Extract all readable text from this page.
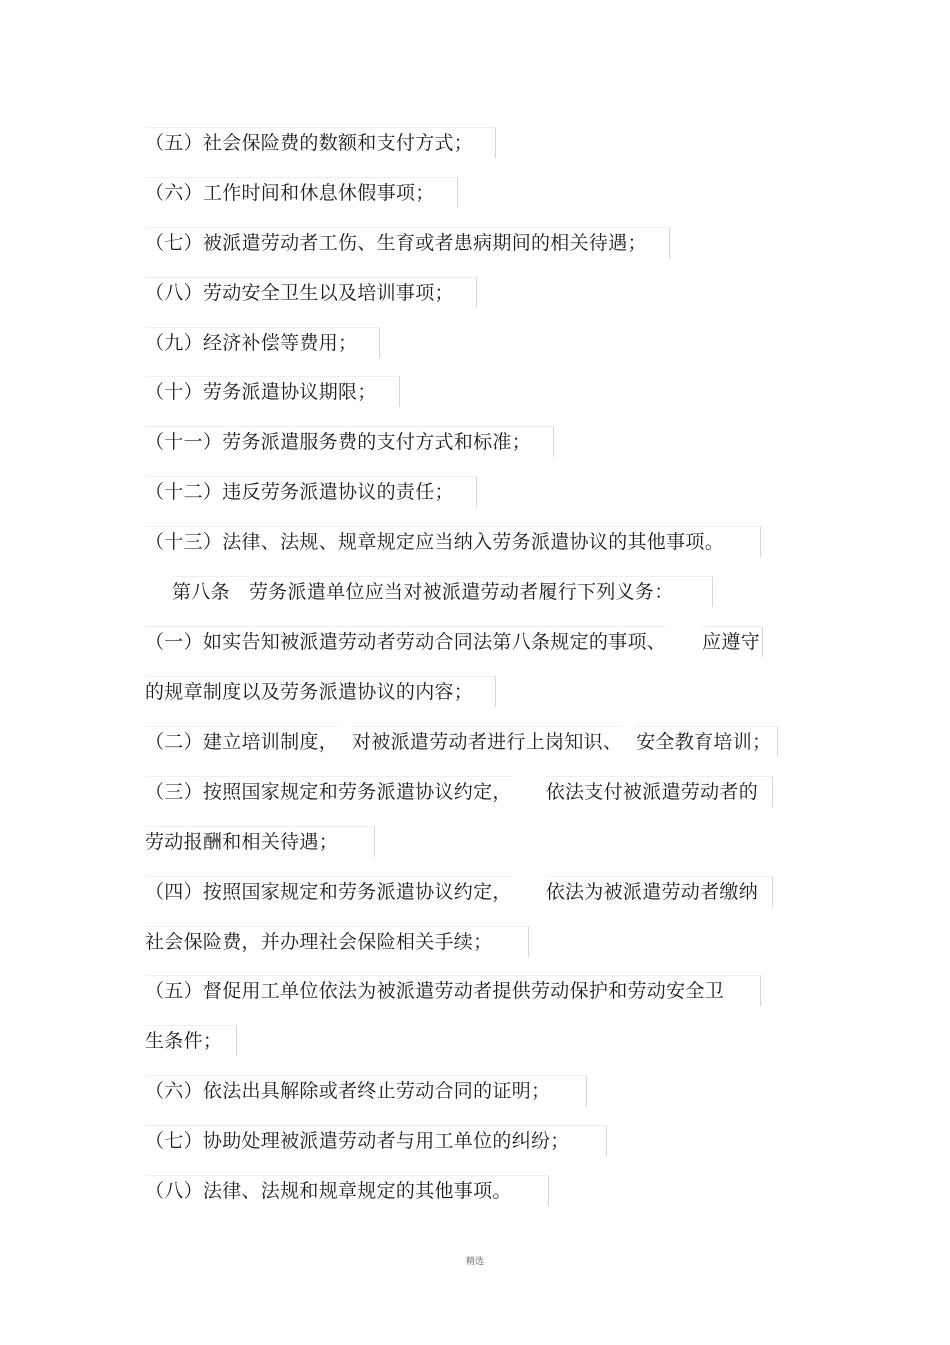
（五）社会保险费的数额和支付方式；
（六）工作时间和休息休假事项；
（七）被派遣劳动者工伤、生育或者患病期间的相关待遇；
（八）劳动安全卫生以及培训事项；
（九）经济补偿等费用；
（十）劳务派遣协议期限；
（十一）劳务派遣服务费的支付方式和标准；
（十二）违反劳务派遣协议的责任；
（十三）法律、法规、规章规定应当纳入劳务派遣协议的其他事项。
第八条   劳务派遣单位应当对被派遣劳动者履行下列义务：
（一）如实告知被派遣劳动者劳动合同法第八条规定的事项、 应遵守
的规章制度以及劳务派遣协议的内容；
（二）建立培训制度， 对被派遣劳动者进行上岗知识、 安全教育培训；
（三）按照国家规定和劳务派遣协议约定， 依法支付被派遣劳动者的
劳动报酬和相关待遇；
（四）按照国家规定和劳务派遣协议约定， 依法为被派遣劳动者缴纳
社会保险费，并办理社会保险相关手续；
（五）督促用工单位依法为被派遣劳动者提供劳动保护和劳动安全卫
生条件；
（六）依法出具解除或者终止劳动合同的证明；
（七）协助处理被派遣劳动者与用工单位的纠纷；
（八）法律、法规和规章规定的其他事项。
精选
